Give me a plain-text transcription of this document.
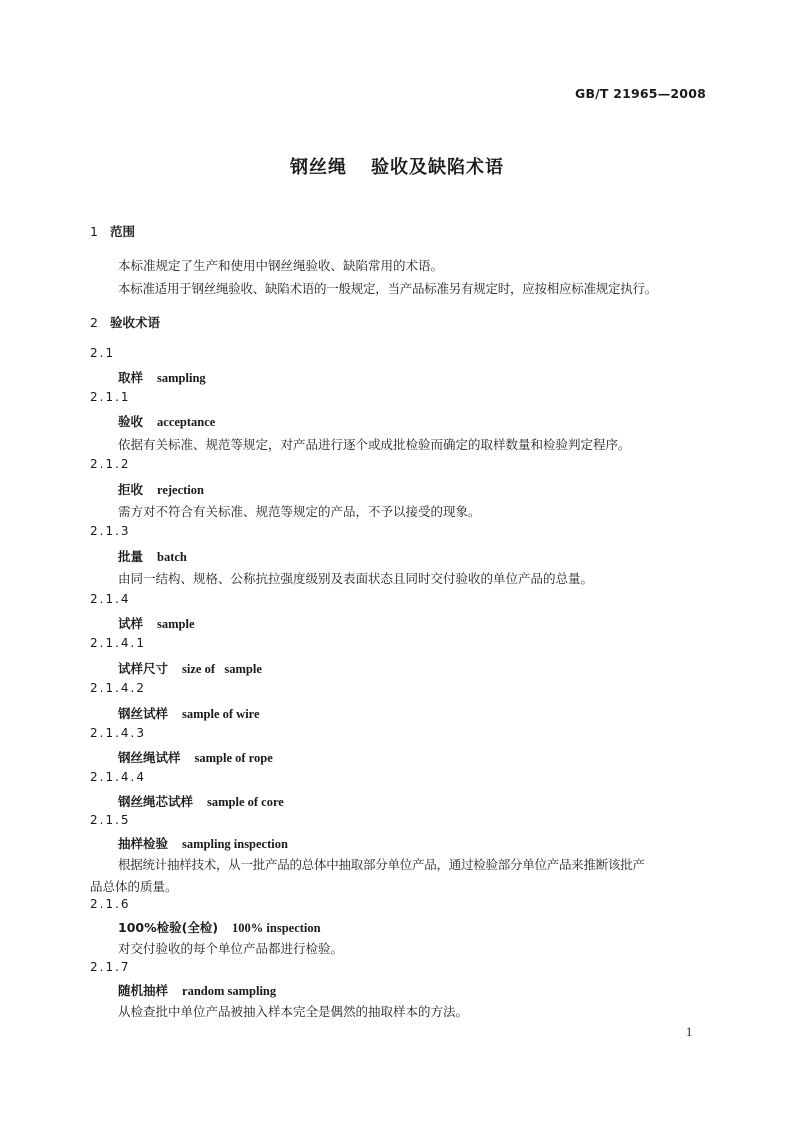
GB/T 21965—2008
钢丝绳 验收及缺陷术语
1 范围
本标准规定了生产和使用中钢丝绳验收、缺陷常用的术语。
本标准适用于钢丝绳验收、缺陷术语的一般规定，当产品标准另有规定时，应按相应标准规定执行。
2 验收术语
2.1
取样 sampling
2.1.1
验收 acceptance
依据有关标准、规范等规定，对产品进行逐个或成批检验而确定的取样数量和检验判定程序。
2.1.2
拒收 rejection
需方对不符合有关标准、规范等规定的产品，不予以接受的现象。
2.1.3
批量 batch
由同一结构、规格、公称抗拉强度级别及表面状态且同时交付验收的单位产品的总量。
2.1.4
试样 sample
2.1.4.1
试样尺寸 size of   sample
2.1.4.2
钢丝试样 sample of wire
2.1.4.3
钢丝绳试样 sample of rope
2.1.4.4
钢丝绳芯试样 sample of core
2.1.5
抽样检验 sampling inspection
根据统计抽样技术，从一批产品的总体中抽取部分单位产品，通过检验部分单位产品来推断该批产
品总体的质量。
2.1.6
100%检验(全检) 100% inspection
对交付验收的每个单位产品都进行检验。
2.1.7
随机抽样 random sampling
从检查批中单位产品被抽入样本完全是偶然的抽取样本的方法。
1
